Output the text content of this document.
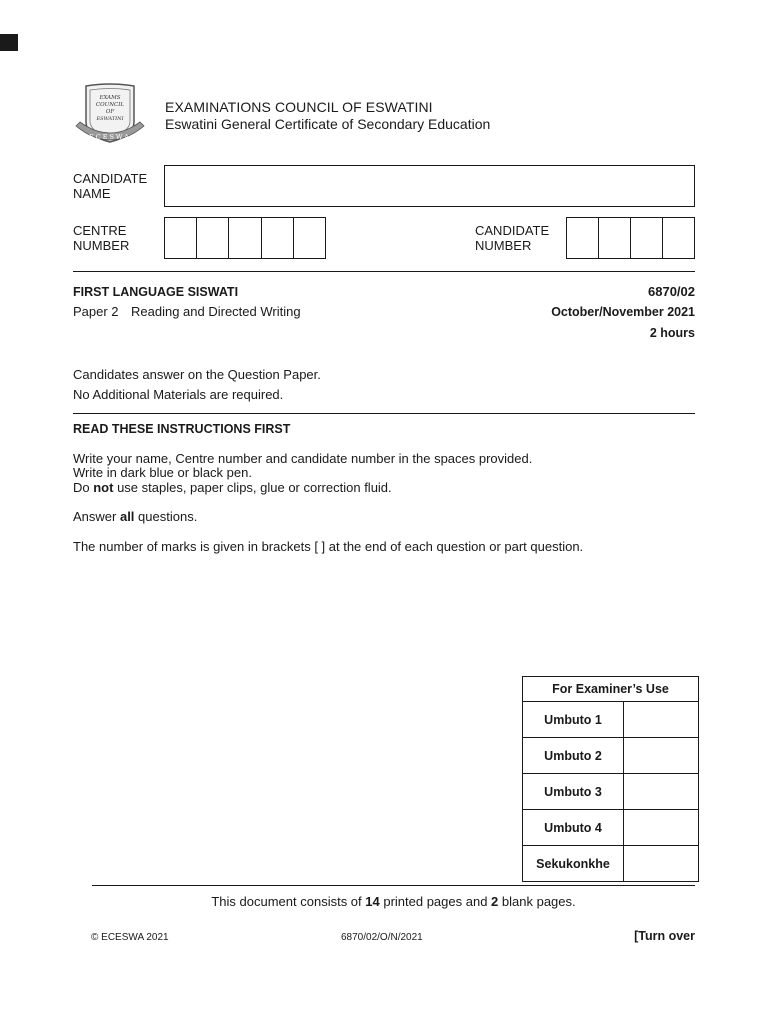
EXAMS
COUNCIL
OF
ESWATINI
ECESWA
EXAMINATIONS COUNCIL OF ESWATINI
Eswatini General Certificate of Secondary Education
CANDIDATE
NAME
CENTRE
NUMBER
CANDIDATE
NUMBER
FIRST LANGUAGE SISWATI	6870/02
Paper 2 Reading and Directed Writing	October/November 2021
2 hours
Candidates answer on the Question Paper.
No Additional Materials are required.
READ THESE INSTRUCTIONS FIRST
Write your name, Centre number and candidate number in the spaces provided.
Write in dark blue or black pen.
Do not use staples, paper clips, glue or correction fluid.
Answer all questions.
The number of marks is given in brackets [ ] at the end of each question or part question.
For Examiner’s Use	
Umbuto 1	
Umbuto 2	
Umbuto 3	
Umbuto 4	
Sekukonkhe	
This document consists of 14 printed pages and 2 blank pages.
© ECESWA 2021	6870/02/O/N/2021	[Turn over
